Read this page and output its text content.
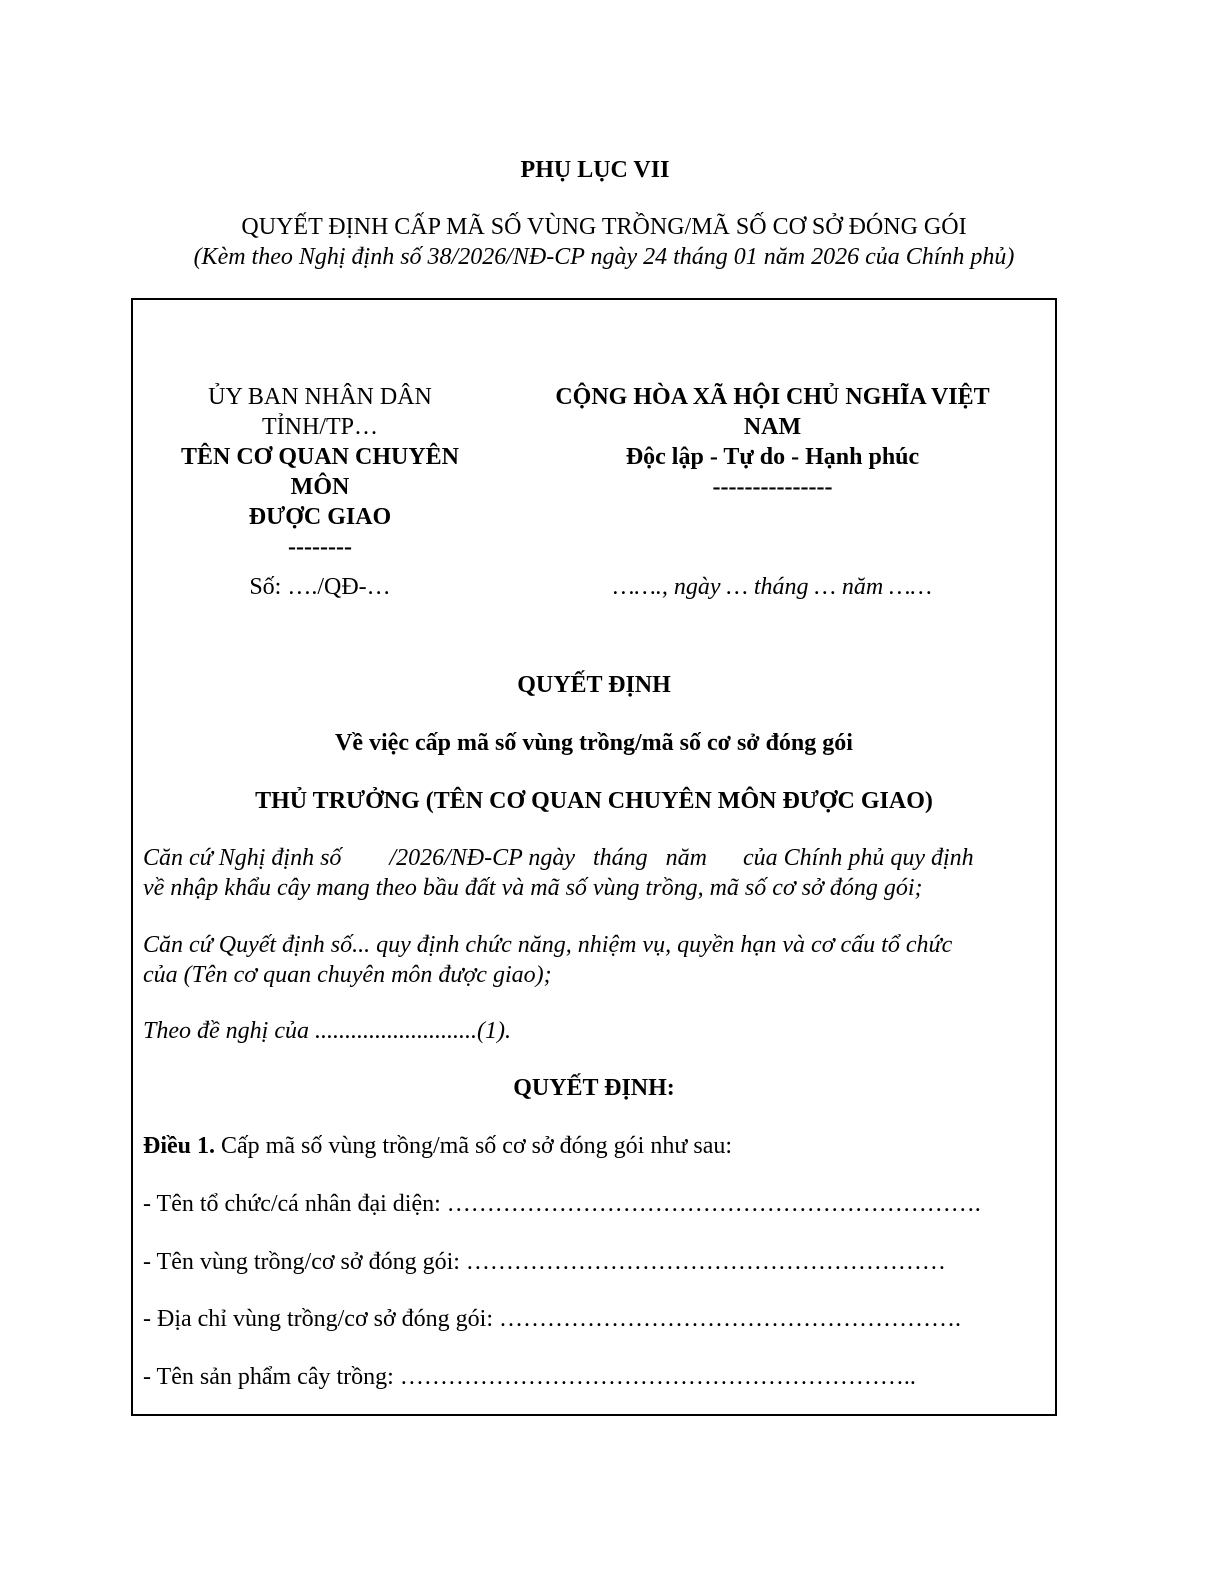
PHỤ LỤC VII
QUYẾT ĐỊNH CẤP MÃ SỐ VÙNG TRỒNG/MÃ SỐ CƠ SỞ ĐÓNG GÓI
(Kèm theo Nghị định số 38/2026/NĐ-CP ngày 24 tháng 01 năm 2026 của Chính phủ)
ỦY BAN NHÂN DÂN
TỈNH/TP…
TÊN CƠ QUAN CHUYÊN
MÔN
ĐƯỢC GIAO
--------
CỘNG HÒA XÃ HỘI CHỦ NGHĨA VIỆT
NAM
Độc lập - Tự do - Hạnh phúc
---------------
Số: …./QĐ-…	……., ngày … tháng … năm ……
QUYẾT ĐỊNH
Về việc cấp mã số vùng trồng/mã số cơ sở đóng gói
THỦ TRƯỞNG (TÊN CƠ QUAN CHUYÊN MÔN ĐƯỢC GIAO)
Căn cứ Nghị định số        /2026/NĐ-CP ngày   tháng   năm      của Chính phủ quy định
về nhập khẩu cây mang theo bầu đất và mã số vùng trồng, mã số cơ sở đóng gói;
Căn cứ Quyết định số... quy định chức năng, nhiệm vụ, quyền hạn và cơ cấu tổ chức
của (Tên cơ quan chuyên môn được giao);
Theo đề nghị của ...........................(1).
QUYẾT ĐỊNH:
Điều 1. Cấp mã số vùng trồng/mã số cơ sở đóng gói như sau:
- Tên tổ chức/cá nhân đại diện: ………………………………………………………….
- Tên vùng trồng/cơ sở đóng gói: ……………………………………………………
- Địa chỉ vùng trồng/cơ sở đóng gói: ………………………………………………….
- Tên sản phẩm cây trồng: ………………………………………………………..
